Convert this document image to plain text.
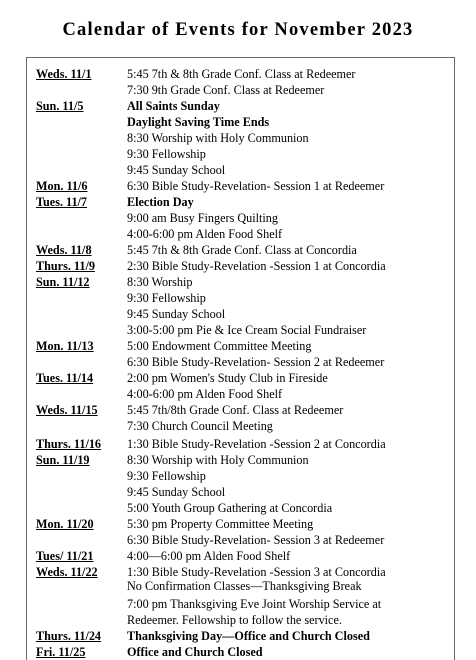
Calendar of Events for November 2023
Weds. 11/1	5:45 7th & 8th Grade Conf. Class at Redeemer
7:30 9th Grade Conf. Class at Redeemer
Sun. 11/5	All Saints Sunday
Daylight Saving Time Ends
8:30 Worship with Holy Communion
9:30 Fellowship
9:45 Sunday School
Mon. 11/6	6:30 Bible Study-Revelation- Session 1 at Redeemer
Tues. 11/7	Election Day
9:00 am Busy Fingers Quilting
4:00-6:00 pm Alden Food Shelf
Weds. 11/8	5:45 7th & 8th Grade Conf. Class at Concordia
Thurs. 11/9	2:30 Bible Study-Revelation -Session 1 at Concordia
Sun. 11/12	8:30 Worship
9:30 Fellowship
9:45 Sunday School
3:00-5:00 pm Pie & Ice Cream Social Fundraiser
Mon. 11/13	5:00 Endowment Committee Meeting
6:30 Bible Study-Revelation- Session 2 at Redeemer
Tues. 11/14	2:00 pm Women's Study Club in Fireside
4:00-6:00 pm Alden Food Shelf
Weds. 11/15 5:45 7th/8th Grade Conf. Class at Redeemer
7:30 Church Council Meeting
Thurs. 11/16 1:30 Bible Study-Revelation -Session 2 at Concordia
Sun. 11/19	8:30 Worship with Holy Communion
9:30 Fellowship
9:45 Sunday School
5:00 Youth Group Gathering at Concordia
Mon. 11/20	5:30 pm Property Committee Meeting
6:30 Bible Study-Revelation- Session 3 at Redeemer
Tues/ 11/21	4:00—6:00 pm Alden Food Shelf
Weds. 11/22 1:30 Bible Study-Revelation -Session 3 at Concordia
No Confirmation Classes—Thanksgiving Break
7:00 pm Thanksgiving Eve Joint Worship Service at
Redeemer. Fellowship to follow the service.
Thurs. 11/24 Thanksgiving Day—Office and Church Closed
Fri. 11/25	Office and Church Closed
